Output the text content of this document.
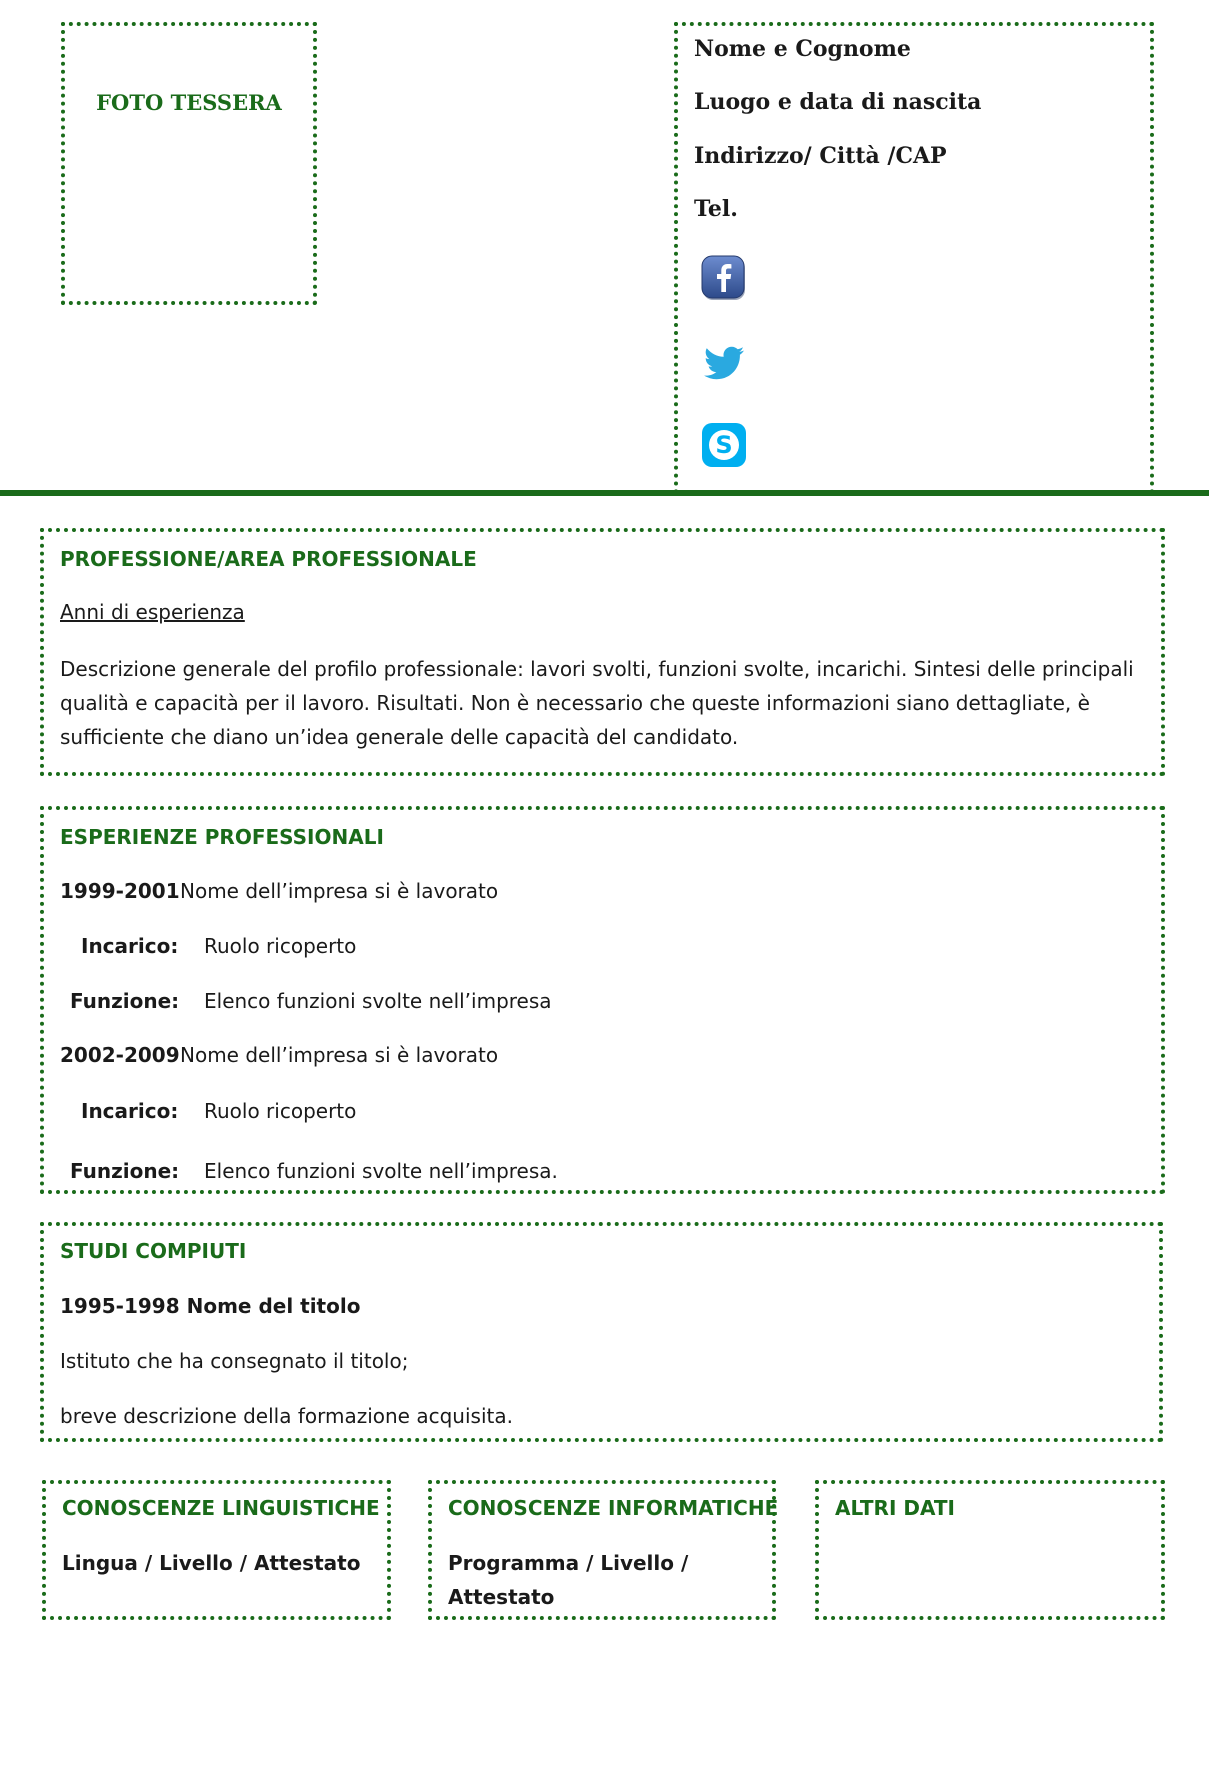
FOTO TESSERA
Nome e Cognome
Luogo e data di nascita
Indirizzo/ Città /CAP
Tel.
S
PROFESSIONE/AREA PROFESSIONALE
Anni di esperienza
Descrizione generale del profilo professionale: lavori svolti, funzioni svolte, incarichi. Sintesi delle principali qualità e capacità per il lavoro. Risultati. Non è necessario che queste informazioni siano dettagliate, è sufficiente che diano un’idea generale delle capacità del candidato.
ESPERIENZE PROFESSIONALI
1999-2001 Nome dell’impresa si è lavorato
Incarico: Ruolo ricoperto
Funzione: Elenco funzioni svolte nell’impresa
2002-2009 Nome dell’impresa si è lavorato
Incarico: Ruolo ricoperto
Funzione: Elenco funzioni svolte nell’impresa.
STUDI COMPIUTI
1995-1998 Nome del titolo
Istituto che ha consegnato il titolo;
breve descrizione della formazione acquisita.
CONOSCENZE LINGUISTICHE
Lingua / Livello / Attestato
CONOSCENZE INFORMATICHE
Programma / Livello /
Attestato
ALTRI DATI
